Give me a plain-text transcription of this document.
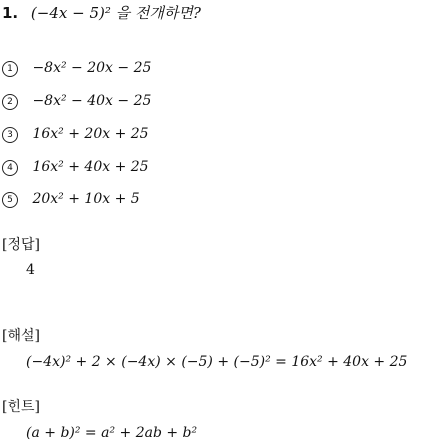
1. (−4x − 5)² 을 전개하면?
1 −8x² − 20x − 25
2 −8x² − 40x − 25
3 16x² + 20x + 25
4 16x² + 40x + 25
5 20x² + 10x + 5
[정답]
4
[해설]
(−4x)² + 2 × (−4x) × (−5) + (−5)² = 16x² + 40x + 25
[힌트]
(a + b)² = a² + 2ab + b²
